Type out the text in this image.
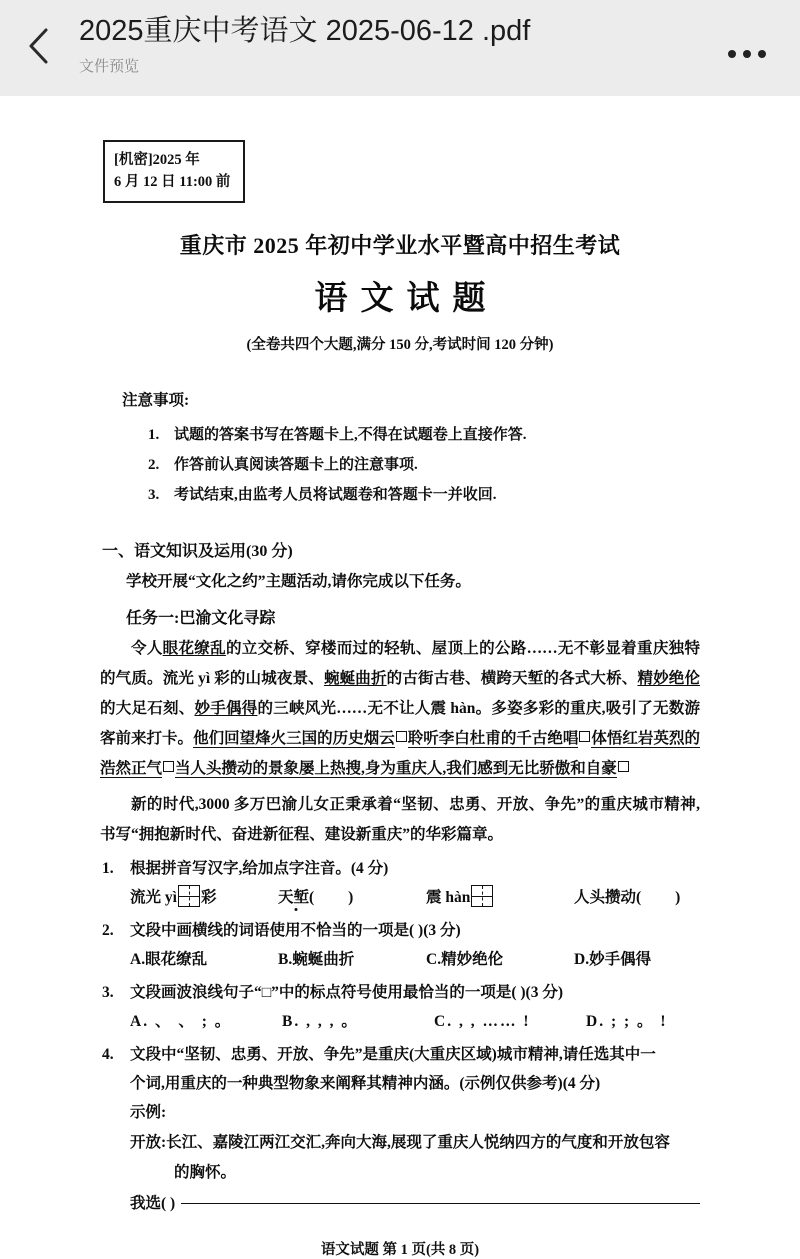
2025重庆中考语文 2025-06-12 .pdf
文件预览
[机密]2025 年
6 月 12 日 11:00 前
重庆市 2025 年初中学业水平暨高中招生考试
语文试题
(全卷共四个大题,满分 150 分,考试时间 120 分钟)
注意事项:
1. 试题的答案书写在答题卡上,不得在试题卷上直接作答.
2. 作答前认真阅读答题卡上的注意事项.
3. 考试结束,由监考人员将试题卷和答题卡一并收回.
一、语文知识及运用(30 分)
学校开展“文化之约”主题活动,请你完成以下任务。
任务一:巴渝文化寻踪
令人眼花缭乱的立交桥、穿楼而过的轻轨、屋顶上的公路……无不彰显着重庆独特的气质。流光 yì 彩的山城夜景、蜿蜒曲折的古街古巷、横跨天堑的各式大桥、精妙绝伦的大足石刻、妙手偶得的三峡风光……无不让人震 hàn。多姿多彩的重庆,吸引了无数游客前来打卡。他们回望烽火三国的历史烟云 聆听李白杜甫的千古绝唱 体悟红岩英烈的浩然正气 当人头攒动的景象屡上热搜,身为重庆人,我们感到无比骄傲和自豪
新的时代,3000 多万巴渝儿女正秉承着“坚韧、忠勇、开放、争先”的重庆城市精神,书写“拥抱新时代、奋进新征程、建设新重庆”的华彩篇章。
1.	根据拼音写汉字,给加点字注音。(4 分)
流光 yì 彩	天堑( )	震 hàn	人头攒动( )
2.	文段中画横线的词语使用不恰当的一项是( )(3 分)
A.眼花缭乱	B.蜿蜒曲折	C.精妙绝伦	D.妙手偶得
3.	文段画波浪线句子“□”中的标点符号使用最恰当的一项是( )(3 分)
A. 、 、 ; 。	B. , , , 。	C. , , …… !	D. ; ; 。 !
4.	文段中“坚韧、忠勇、开放、争先”是重庆(大重庆区域)城市精神,请任选其中一
个词,用重庆的一种典型物象来阐释其精神内涵。(示例仅供参考)(4 分)
示例:
开放:长江、嘉陵江两江交汇,奔向大海,展现了重庆人悦纳四方的气度和开放包容
的胸怀。
我选( )
语文试题 第 1 页(共 8 页)
